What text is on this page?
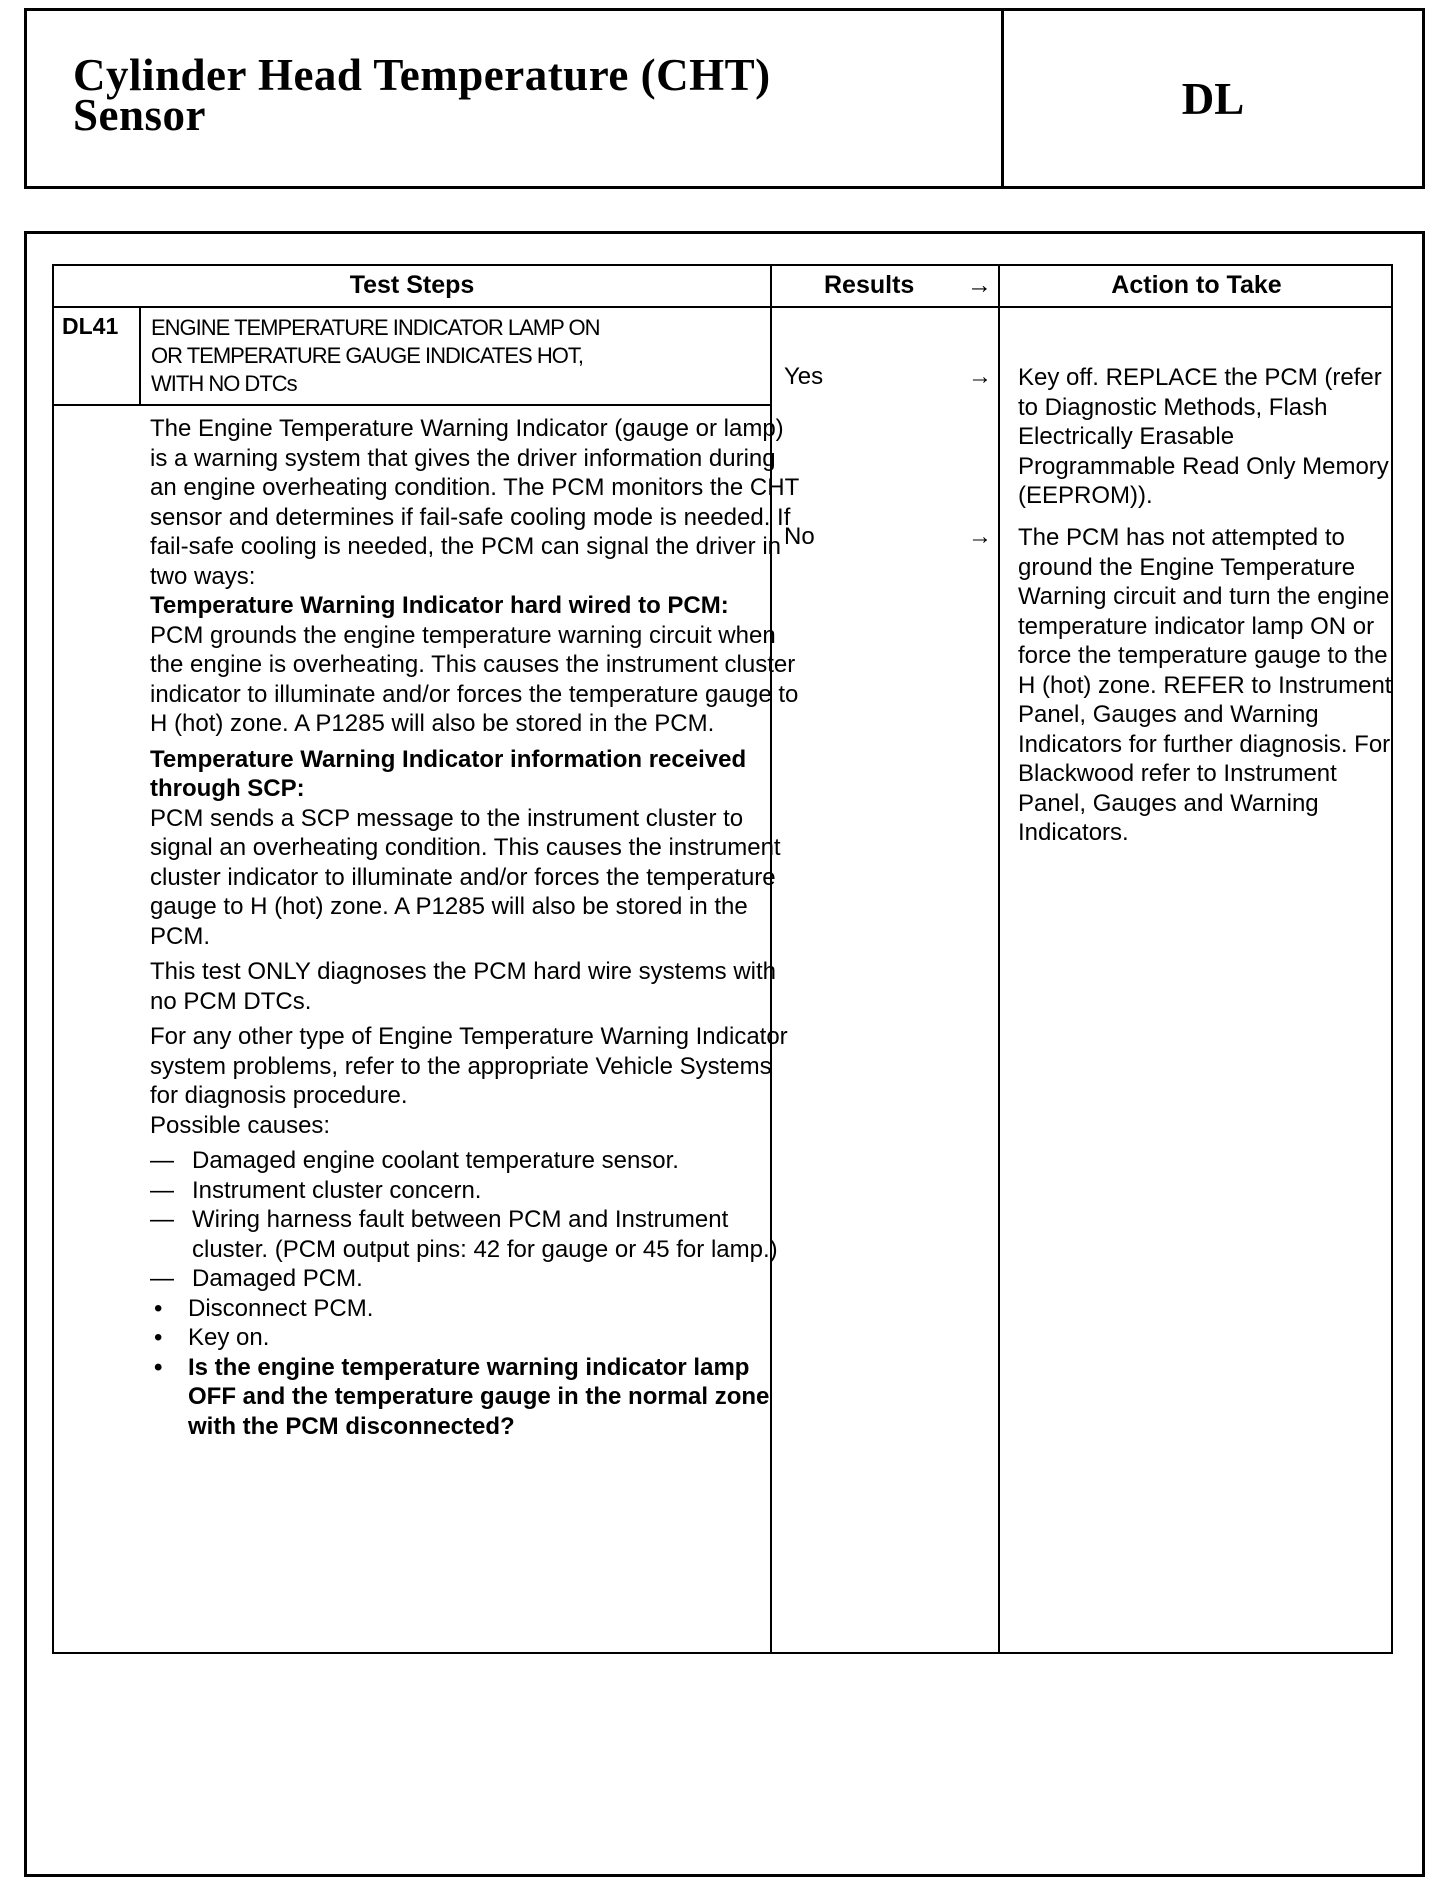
Cylinder Head Temperature (CHT)
Sensor	DL
Test Steps	Results →	Action to Take
DL41 ENGINE TEMPERATURE INDICATOR LAMP ON
OR TEMPERATURE GAUGE INDICATES HOT,
WITH NO DTCs

The Engine Temperature Warning Indicator (gauge or lamp) is a warning system that gives the driver information during an engine overheating condition. The PCM monitors the CHT sensor and determines if fail-safe cooling mode is needed. If fail-safe cooling is needed, the PCM can signal the driver in two ways:

Temperature Warning Indicator hard wired to PCM:

PCM grounds the engine temperature warning circuit when the engine is overheating. This causes the instrument cluster indicator to illuminate and/or forces the temperature gauge to H (hot) zone. A P1285 will also be stored in the PCM.

Temperature Warning Indicator information received through SCP:

PCM sends a SCP message to the instrument cluster to signal an overheating condition. This causes the instrument cluster indicator to illuminate and/or forces the temperature gauge to H (hot) zone. A P1285 will also be stored in the PCM.

This test ONLY diagnoses the PCM hard wire systems with no PCM DTCs.

For any other type of Engine Temperature Warning Indicator system problems, refer to the appropriate Vehicle Systems for diagnosis procedure.

Possible causes:

— Damaged engine coolant temperature sensor.
— Instrument cluster concern.
— Wiring harness fault between PCM and Instrument cluster. (PCM output pins: 42 for gauge or 45 for lamp.)
— Damaged PCM.
• Disconnect PCM.
• Key on.
• Is the engine temperature warning indicator lamp OFF and the temperature gauge in the normal zone with the PCM disconnected?
Yes	→ Key off. REPLACE the PCM (refer to Diagnostic Methods, Flash Electrically Erasable Programmable Read Only Memory (EEPROM)).
No	→ The PCM has not attempted to ground the Engine Temperature Warning circuit and turn the engine temperature indicator lamp ON or force the temperature gauge to the H (hot) zone. REFER to Instrument Panel, Gauges and Warning Indicators for further diagnosis. For Blackwood refer to Instrument Panel, Gauges and Warning Indicators.
